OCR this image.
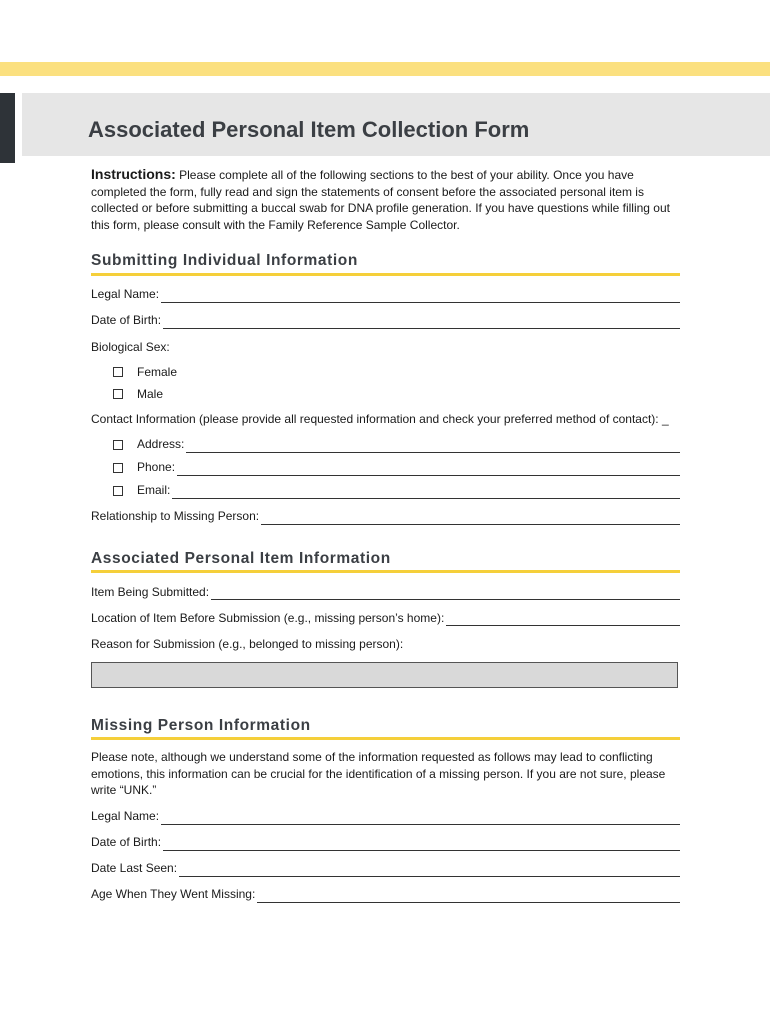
Associated Personal Item Collection Form

Instructions: Please complete all of the following sections to the best of your ability. Once you have completed the form, fully read and sign the statements of consent before the associated personal item is collected or before submitting a buccal swab for DNA profile generation. If you have questions while filling out this form, please consult with the Family Reference Sample Collector.

Submitting Individual Information
Legal Name:
Date of Birth:

Biological Sex:

Female
Male

Contact Information (please provide all requested information and check your preferred method of contact): _

Address:
Phone:
Email:
Relationship to Missing Person:
Associated Personal Item Information
Item Being Submitted:
Location of Item Before Submission (e.g., missing person’s home):

Reason for Submission (e.g., belonged to missing person):

Missing Person Information

Please note, although we understand some of the information requested as follows may lead to conflicting emotions, this information can be crucial for the identification of a missing person. If you are not sure, please write “UNK.”

Legal Name:
Date of Birth:
Date Last Seen:
Age When They Went Missing:
